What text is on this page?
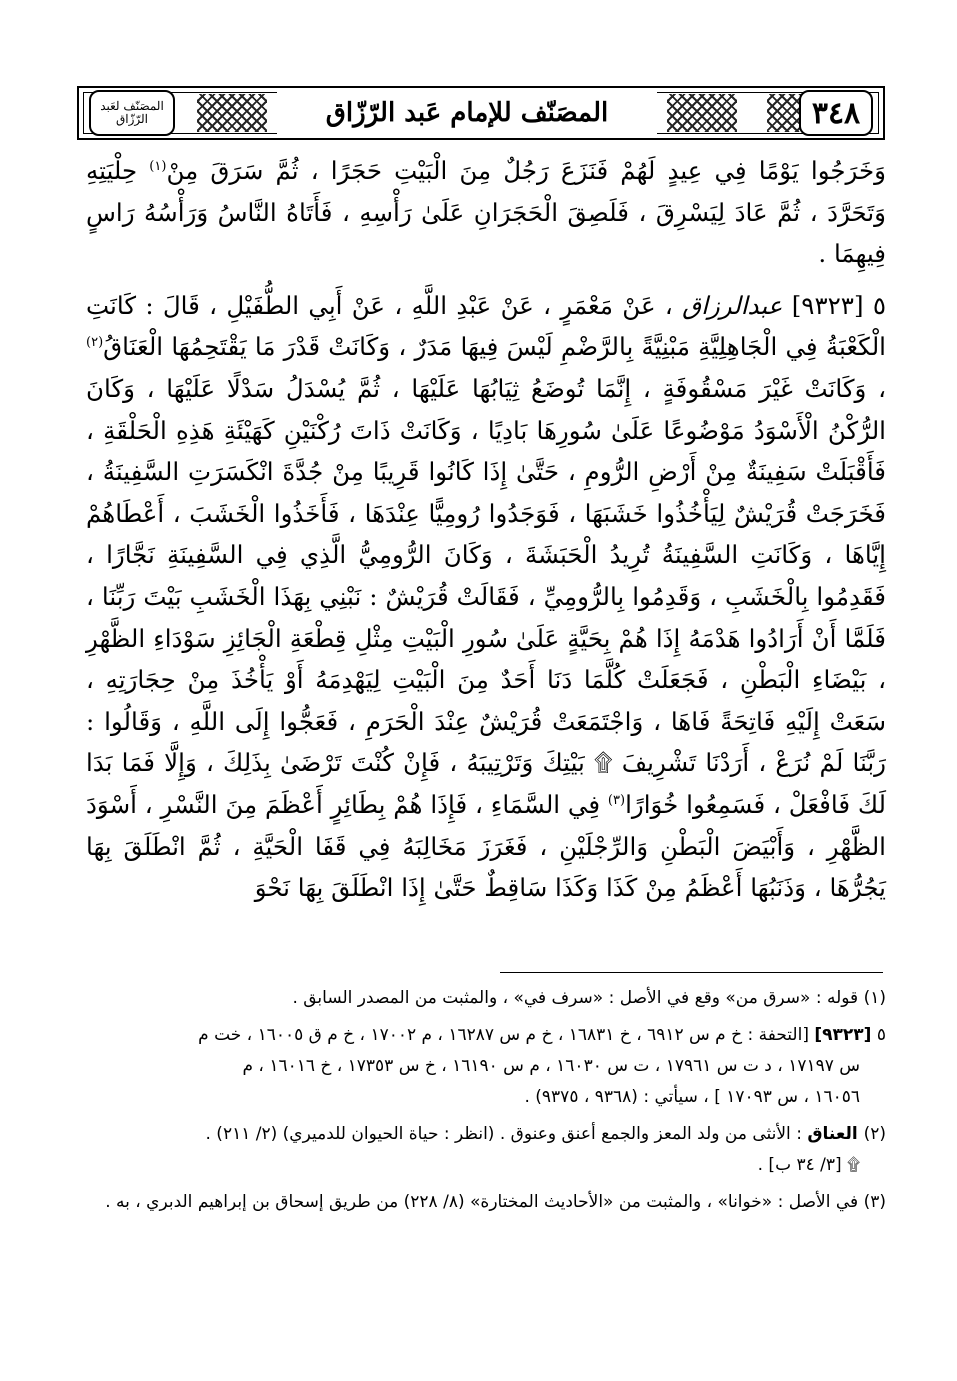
المصَنّف لعَبد الرّزّاق	المصَنّف للإمام عَبد الرّزّاق	٣٤٨

وَخَرَجُوا يَوْمًا فِي عِيدٍ لَهُمْ فَنَزَعَ رَجُلٌ مِنَ الْبَيْتِ حَجَرًا ، ثُمَّ سَرَقَ مِنْ$^{(١)}$ حِلْيَتِهِ وَتَحَرَّدَ ، ثُمَّ عَادَ لِيَسْرِقَ ، فَلَصِقَ الْحَجَرَانِ عَلَىٰ رَأْسِهِ ، فَأَتَاهُ النَّاسُ وَرَأْسُهُ رَاسٍ فِيهِمَا .

٥ [٩٣٢٣] عبدالرزاق ، عَنْ مَعْمَرٍ ، عَنْ عَبْدِ اللَّهِ ، عَنْ أَبِي الطُّفَيْلِ ، قَالَ : كَانَتِ الْكَعْبَةُ فِي الْجَاهِلِيَّةِ مَبْنِيَّةً بِالرَّضْمِ لَيْسَ فِيهَا مَدَرٌ ، وَكَانَتْ قَدْرَ مَا يَقْتَحِمُهَا الْعَنَاقُ$^{(٢)}$ ، وَكَانَتْ غَيْرَ مَسْقُوفَةٍ ، إِنَّمَا تُوضَعُ ثِيَابُهَا عَلَيْهَا ، ثُمَّ يُسْدَلُ سَدْلًا عَلَيْهَا ، وَكَانَ الرُّكْنُ الْأَسْوَدُ مَوْضُوعًا عَلَىٰ سُورِهَا بَادِيًا ، وَكَانَتْ ذَاتَ رُكْنَيْنِ كَهَيْئَةِ هَذِهِ الْحَلْقَةِ ، فَأَقْبَلَتْ سَفِينَةٌ مِنْ أَرْضِ الرُّومِ ، حَتَّىٰ إِذَا كَانُوا قَرِيبًا مِنْ جُدَّةَ انْكَسَرَتِ السَّفِينَةُ ، فَخَرَجَتْ قُرَيْشٌ لِيَأْخُذُوا خَشَبَهَا ، فَوَجَدُوا رُومِيًّا عِنْدَهَا ، فَأَخَذُوا الْخَشَبَ ، أَعْطَاهُمْ إِيَّاهَا ، وَكَانَتِ السَّفِينَةُ تُرِيدُ الْحَبَشَةَ ، وَكَانَ الرُّومِيُّ الَّذِي فِي السَّفِينَةِ نَجَّارًا ، فَقَدِمُوا بِالْخَشَبِ ، وَقَدِمُوا بِالرُّومِيِّ ، فَقَالَتْ قُرَيْشٌ : نَبْنِي بِهَذَا الْخَشَبِ بَيْتَ رَبِّنَا ، فَلَمَّا أَنْ أَرَادُوا هَدْمَهُ إِذَا هُمْ بِحَيَّةٍ عَلَىٰ سُورِ الْبَيْتِ مِثْلِ قِطْعَةِ الْجَائِزِ سَوْدَاءِ الظَّهْرِ ، بَيْضَاءِ الْبَطْنِ ، فَجَعَلَتْ كُلَّمَا دَنَا أَحَدٌ مِنَ الْبَيْتِ لِيَهْدِمَهُ أَوْ يَأْخُذَ مِنْ حِجَارَتِهِ ، سَعَتْ إِلَيْهِ فَاتِحَةً فَاهَا ، وَاجْتَمَعَتْ قُرَيْشٌ عِنْدَ الْحَرَمِ ، فَعَجُّوا إِلَى اللَّهِ ، وَقَالُوا : رَبَّنَا لَمْ نُرَعْ ، أَرَدْنَا تَشْرِيفَ ۩ بَيْتِكَ وَتَرْتِيبَهُ ، فَإِنْ كُنْتَ تَرْضَىٰ بِذَلِكَ ، وَإِلَّا فَمَا بَدَا لَكَ فَافْعَلْ ، فَسَمِعُوا خُوَارًا$^{(٣)}$ فِي السَّمَاءِ ، فَإِذَا هُمْ بِطَائِرٍ أَعْظَمَ مِنَ النَّسْرِ ، أَسْوَدَ الظَّهْرِ ، وَأَبْيَضَ الْبَطْنِ وَالرِّجْلَيْنِ ، فَغَرَزَ مَخَالِبَهُ فِي قَفَا الْحَيَّةِ ، ثُمَّ انْطَلَقَ بِهَا يَجُرُّهَا ، وَذَنَبُهَا أَعْظَمُ مِنْ كَذَا وَكَذَا سَاقِطٌ حَتَّىٰ إِذَا انْطَلَقَ بِهَا نَحْوَ

(١) قوله : «سرق من» وقع في الأصل : «سرف في» ، والمثبت من المصدر السابق .

٥ [٩٣٢٣] [التحفة : خ م س ٦٩١٢ ، خ ١٦٨٣١ ، خ م س ١٦٢٨٧ ، م ١٧٠٠٢ ، خ م ق ١٦٠٠٥ ، خت م

س ١٧١٩٧ ، د ت س ١٧٩٦١ ، ت س ١٦٠٣٠ ، م س ١٦١٩٠ ، خ س ١٧٣٥٣ ، خ ١٦٠١٦ ، م

١٦٠٥٦ ، س ١٧٠٩٣ ] ، سيأتي : (٩٣٦٨ ، ٩٣٧٥) .

(٢) العناق : الأنثى من ولد المعز والجمع أعنق وعنوق . (انظر : حياة الحيوان للدميري) (٢/ ٢١١) .

۩ [٣/ ٣٤ ب] .

(٣) في الأصل : «خوانا» ، والمثبت من «الأحاديث المختارة» (٨/ ٢٢٨) من طريق إسحاق بن إبراهيم الدبري ، به .
